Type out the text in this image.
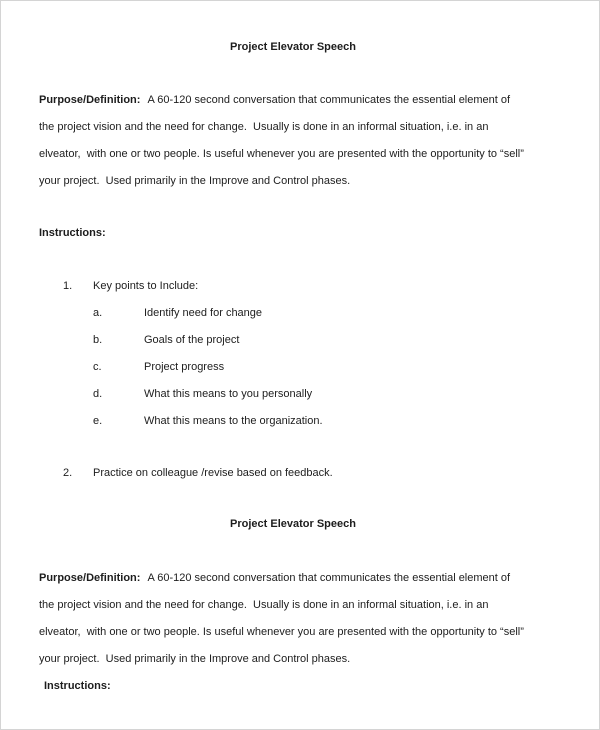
Project Elevator Speech
Purpose/Definition: A 60-120 second conversation that communicates the essential element of
the project vision and the need for change.  Usually is done in an informal situation, i.e. in an
elveator,  with one or two people. Is useful whenever you are presented with the opportunity to “sell”
your project.  Used primarily in the Improve and Control phases.
Instructions:
1.	Key points to Include:
a.	Identify need for change
b.	Goals of the project
c.	Project progress
d.	What this means to you personally
e.	What this means to the organization.
2.	Practice on colleague /revise based on feedback.
Project Elevator Speech
Purpose/Definition: A 60-120 second conversation that communicates the essential element of
the project vision and the need for change.  Usually is done in an informal situation, i.e. in an
elveator,  with one or two people. Is useful whenever you are presented with the opportunity to “sell”
your project.  Used primarily in the Improve and Control phases.
Instructions:
